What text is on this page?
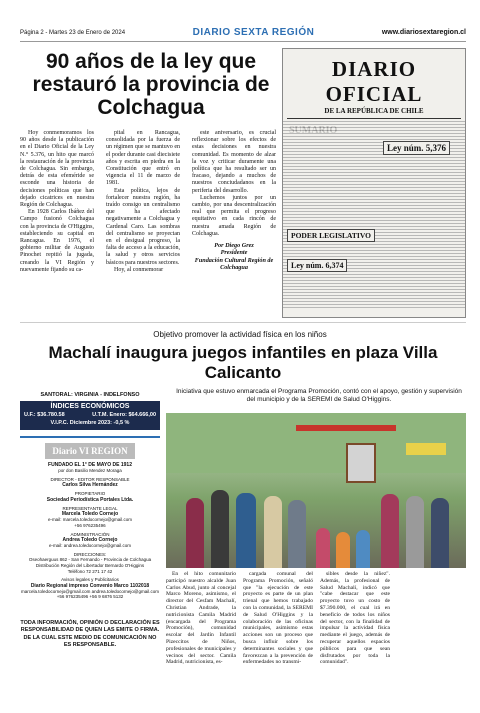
Página 2 - Martes 23 de Enero de 2024	DIARIO SEXTA REGIÓN	www.diariosextaregion.cl
90 años de la ley que restauró la provincia de Colchagua

Hoy conmemoramos los 90 años desde la publicación en el Diario Oficial de la Ley N.° 5.376, un hito que marcó la restauración de la provincia de Colchagua. Sin embargo, detrás de esta efeméride se esconde una historia de decisiones políticas que han dejado cicatrices en nuestra Región de Colchagua.

En 1928 Carlos Ibáñez del Campo fusionó Colchagua con la provincia de O'Higgins, estableciendo su capital en Rancagua. En 1976, el gobierno militar de Augusto Pinochet repitió la jugada, creando la VI Región y nuevamente fijando su ca-

pital en Rancagua, consolidada por la fuerza de un régimen que se mantuvo en el poder durante casi diecisiete años y escrita en piedra en la Constitución que entró en vigencia el 11 de marzo de 1981.

Esta política, lejos de fortalecer nuestra región, ha traído consigo un centralismo que ha afectado negativamente a Colchagua y Cardenal Caro. Las sombras del centralismo se proyectan en el desigual progreso, la falta de acceso a la educación, la salud y otros servicios básicos para nuestros sectores.

Hoy, al conmemorar

este aniversario, es crucial reflexionar sobre los efectos de estas decisiones en nuestra comunidad. Es momento de alzar la voz y criticar duramente una política que ha resultado ser un fracaso, dejando a muchos de nuestros conciudadanos en la periferia del desarrollo.

Luchemos juntos por un cambio, por una descentralización real que permita el progreso equitativo en cada rincón de nuestra amada Región de Colchagua.

Por Diego Grez
Presidente
Fundación Cultural Región de Colchagua
DIARIO OFICIAL
DE LA REPÚBLICA DE CHILE
Ley núm. 5,376
Ley núm. 6,374
PODER LEGISLATIVO
Objetivo promover la actividad física en los niños
Machalí inaugura juegos infantiles en plaza Villa Calicanto
SANTORAL: VIRGINIA - INDELFONSO
ÍNDICES ECONÓMICOS
U.F.: $36.780.58	U.T.M. Enero: $64.666,00
V.I.P.C. Diciembre 2023: -0,5 %
Diario VI REGION
FUNDADO EL 1° DE MAYO DE 1912
por don Basilio Mendez Moraga
DIRECTOR - EDITOR RESPONSABLE
Carlos Silva Hernández
PROPIETARIO
Sociedad Periodística Portales Ltda.
REPRESENTANTE LEGAL
Marcela Toledo Cornejo
e-mail: marcela.toledocornejo@gmail.com
+56 976235496
ADMINISTRACIÓN
Andrea Toledo Cornejo
e-mail: andrea.toledocornejo@gmail.com
DIRECCIONES:
Oseohaerguus 862 - San Fernando - Provincia de Colchagua
Distribución Región del Libertador Bernardo O'Higgins
Teléfono 72 271 17 42
Avisos legales y Publicitarios
Diario Regional impreso Convenio Marco 1102018
marcela.toledocornejo@gmail.com andrea.toledocornejo@gmail.com
+56 976235496 +56 9 6876 5132
TODA INFORMACIÓN, OPINIÓN O DECLARACIÓN ES RESPONSABILIDAD DE QUIEN LAS EMITE O FIRMA. DE LA CUAL ESTE MEDIO DE COMUNICACIÓN NO ES RESPONSABLE.
Iniciativa que estuvo enmarcada el Programa Promoción, contó con el apoyo, gestión y supervisión del municipio y de la SEREMI de Salud O'Higgins.

En el hito comunitario participó nuestro alcalde Juan Carlos Abud, junto al concejal Marco Moreno, asimismo, el director del Cesfam Machalí, Christian Andrade, la nutricionista Camila Madrid (encargada del Programa Promoción), comunidad escolar del Jardín Infantil Pizeccitos de Niños, profesionales de municipales y vecinos del sector. Camila Madrid, nutricionista, es-

cargada comunal del Programa Promoción, señaló que "la ejecución de este proyecto es parte de un plan trienal que hemos trabajado con la comunidad, la SEREMI de Salud O'Higgins y la colaboración de las oficinas municipales, asimismo estas acciones son un proceso que busca influir sobre los determinantes sociales y que favorezcan a la prevención de enfermedades no transmi-

sibles desde la niñez". Además, la profesional de Salud Machalí, indicó que "cabe destacar que este proyecto tuvo un costo de $7.390.000, el cual irá en beneficio de todos los niños del sector, con la finalidad de impulsar la actividad física mediante el juego, además de recuperar aquellos espacios públicos para que sean disfrutados por toda la comunidad".
